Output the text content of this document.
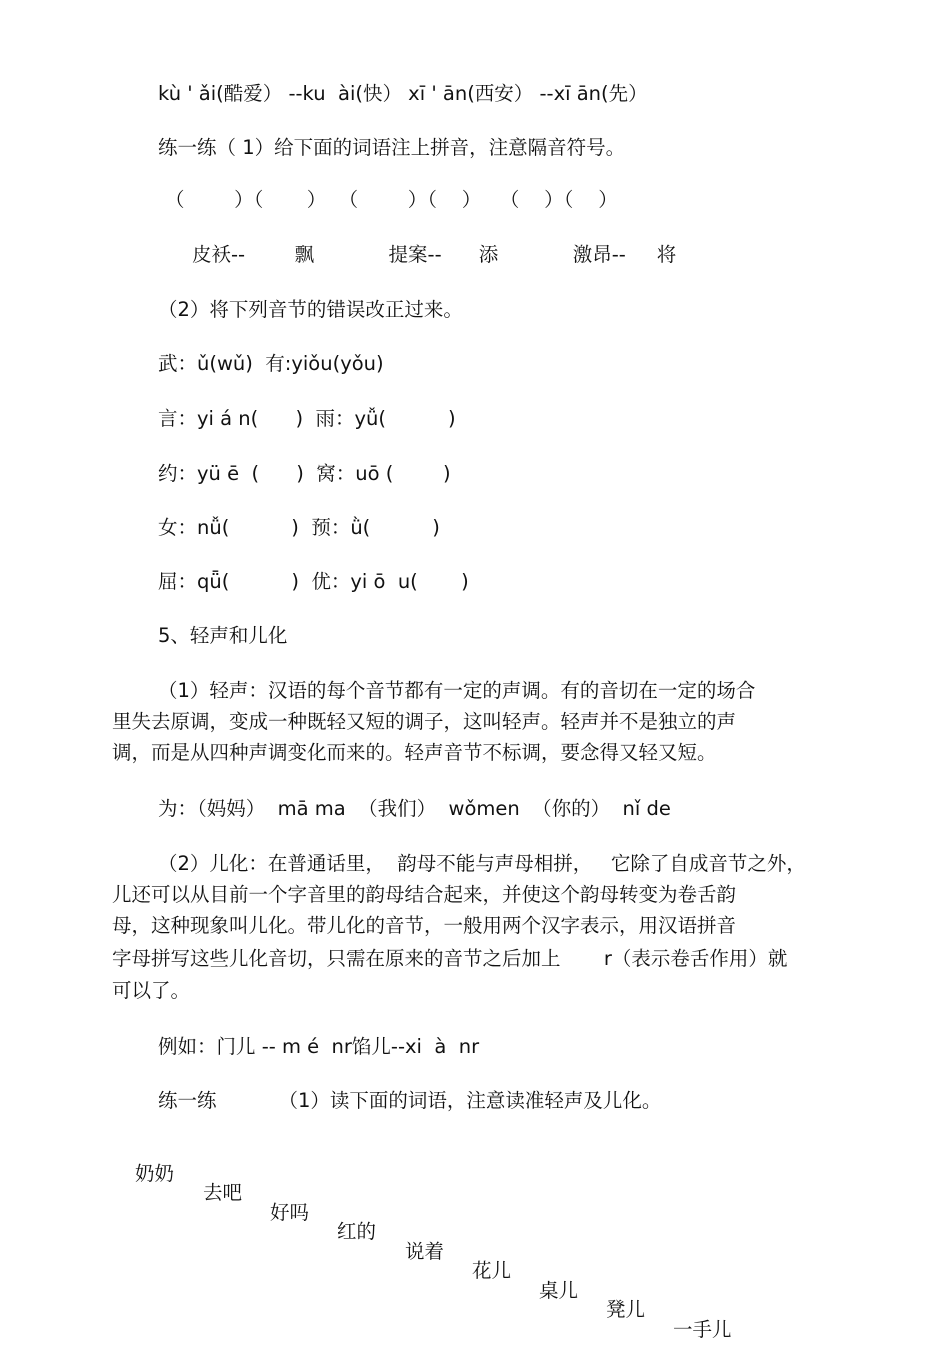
kù ' ǎi(酷爱） --ku  ài(快） xī ' ān(西安） --xī ān(先）
练一练（ 1）给下面的词语注上拼音，注意隔音符号。
（        ）（       ）  （        ）（    ）   （    ）（    ）
皮袄--        飘            提案--      添            激昂--     将
（2）将下列音节的错误改正过来。
武：ǔ(wǔ)  有:yiǒu(yǒu)
言：yi á n(      )  雨：yǚ(          )
约：yü ē  (      )  窝：uō (        )
女：nǚ(          )  预：ǜ(          )
屈：qǖ(          )  优：yi ō  u(       )
5、轻声和儿化
（1）轻声：汉语的每个音节都有一定的声调。有的音切在一定的场合
里失去原调，变成一种既轻又短的调子，这叫轻声。轻声并不是独立的声
调，而是从四种声调变化而来的。轻声音节不标调，要念得又轻又短。
为：（妈妈）  mā ma  （我们）  wǒmen  （你的）  nǐ de
（2）儿化：在普通话里，  韵母不能与声母相拼，   它除了自成音节之外，
儿还可以从目前一个字音里的韵母结合起来，并使这个韵母转变为卷舌韵
母，这种现象叫儿化。带儿化的音节，一般用两个汉字表示，用汉语拼音
字母拼写这些儿化音切，只需在原来的音节之后加上       r（表示卷舌作用）就
可以了。
例如：门儿 -- m é  nr馅儿--xi  à  nr
练一练          （1）读下面的词语，注意读准轻声及儿化。

奶奶

去吧

好吗

红的

说着

花儿

桌儿

凳儿

一手儿
